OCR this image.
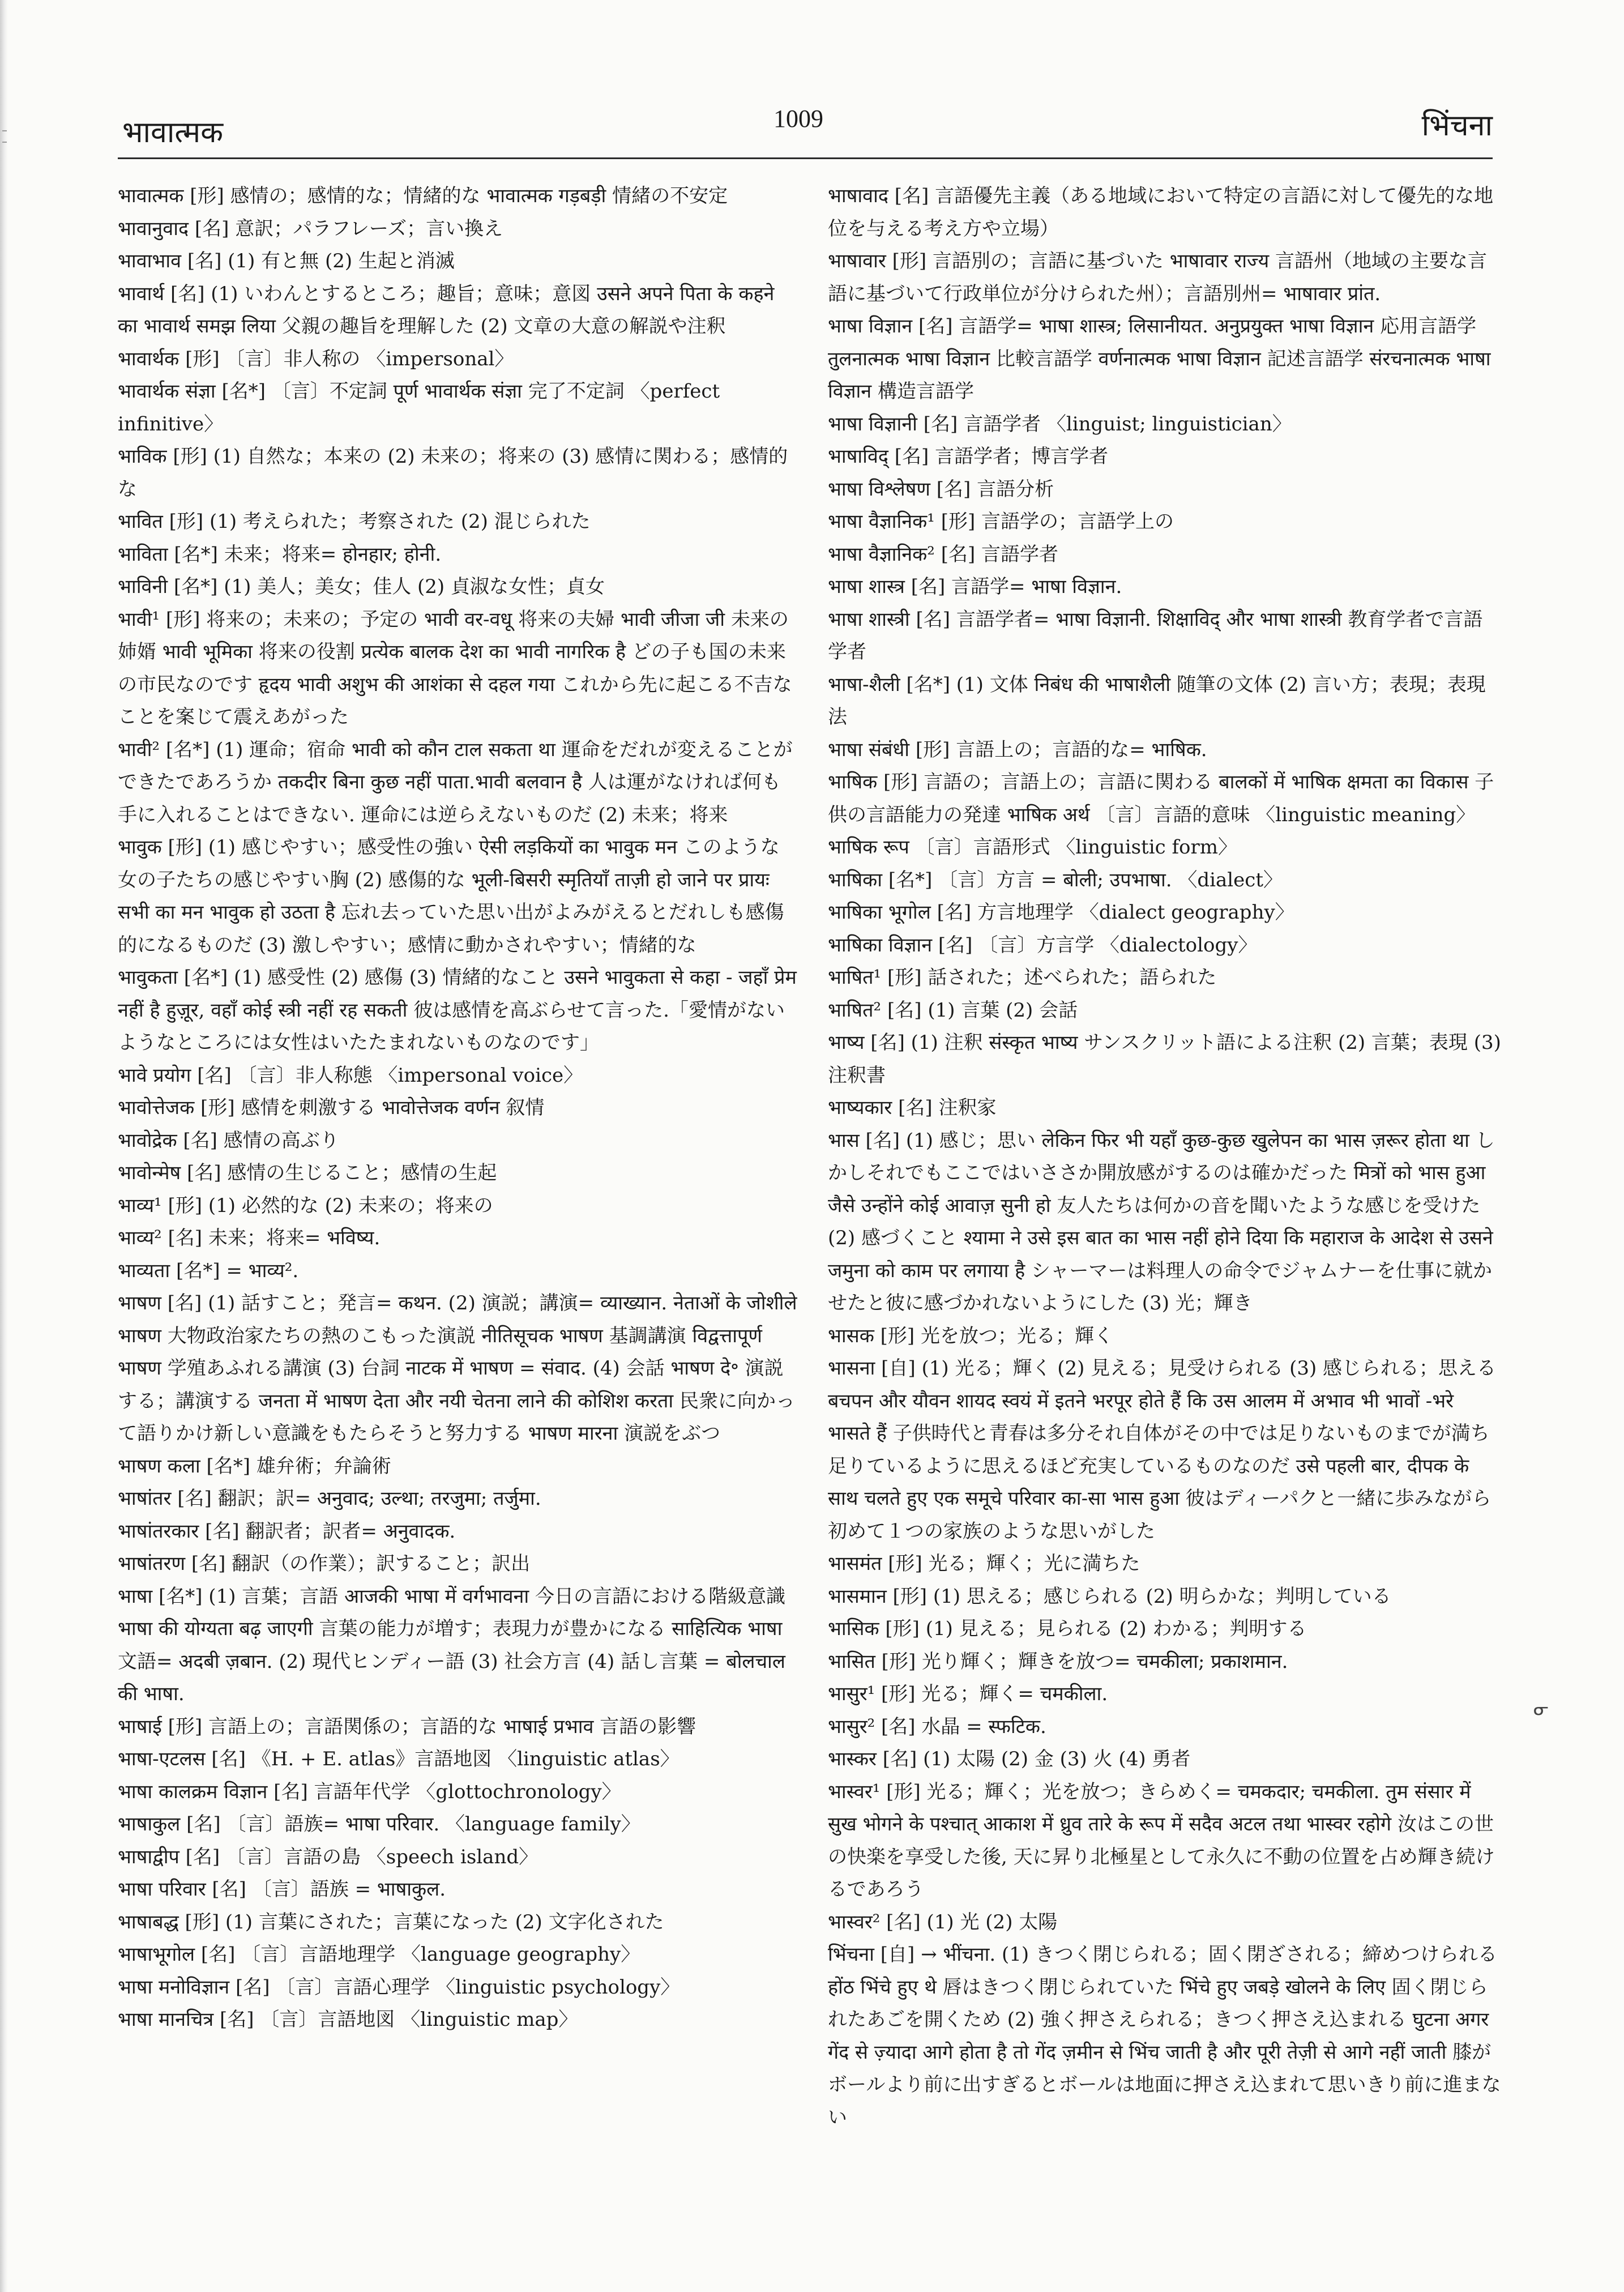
भावात्मक	1009	भिंचना

भावात्मक [形] 感情の；感情的な；情緒的な भावात्मक गड़बड़ी 情緒の不安定

भावानुवाद [名] 意訳；パラフレーズ；言い換え

भावाभाव [名] (1) 有と無 (2) 生起と消滅

भावार्थ [名] (1) いわんとするところ；趣旨；意味；意図 उसने अपने पिता के कहने का भावार्थ समझ लिया 父親の趣旨を理解した (2) 文章の大意の解説や注釈

भावार्थक [形] 〔言〕非人称の 〈impersonal〉

भावार्थक संज्ञा [名*] 〔言〕不定詞 पूर्ण भावार्थक संज्ञा 完了不定詞 〈perfect infinitive〉

भाविक [形] (1) 自然な；本来の (2) 未来の；将来の (3) 感情に関わる；感情的な

भावित [形] (1) 考えられた；考察された (2) 混じられた

भाविता [名*] 未来；将来= होनहार; होनी.

भाविनी [名*] (1) 美人；美女；佳人 (2) 貞淑な女性；貞女

भावी¹ [形] 将来の；未来の；予定の भावी वर-वधू 将来の夫婦 भावी जीजा जी 未来の姉婿 भावी भूमिका 将来の役割 प्रत्येक बालक देश का भावी नागरिक है どの子も国の未来の市民なのです हृदय भावी अशुभ की आशंका से दहल गया これから先に起こる不吉なことを案じて震えあがった

भावी² [名*] (1) 運命；宿命 भावी को कौन टाल सकता था 運命をだれが変えることができたであろうか तकदीर बिना कुछ नहीं पाता.भावी बलवान है 人は運がなければ何も手に入れることはできない. 運命には逆らえないものだ (2) 未来；将来

भावुक [形] (1) 感じやすい；感受性の強い ऐसी लड़कियों का भावुक मन このような女の子たちの感じやすい胸 (2) 感傷的な भूली-बिसरी स्मृतियाँ ताज़ी हो जाने पर प्रायः सभी का मन भावुक हो उठता है 忘れ去っていた思い出がよみがえるとだれしも感傷的になるものだ (3) 激しやすい；感情に動かされやすい；情緒的な

भावुकता [名*] (1) 感受性 (2) 感傷 (3) 情緒的なこと उसने भावुकता से कहा - जहाँ प्रेम नहीं है हुज़ूर, वहाँ कोई स्त्री नहीं रह सकती 彼は感情を高ぶらせて言った.「愛情がないようなところには女性はいたたまれないものなのです」

भावे प्रयोग [名] 〔言〕非人称態 〈impersonal voice〉

भावोत्तेजक [形] 感情を刺激する भावोत्तेजक वर्णन 叙情

भावोद्रेक [名] 感情の高ぶり

भावोन्मेष [名] 感情の生じること；感情の生起

भाव्य¹ [形] (1) 必然的な (2) 未来の；将来の

भाव्य² [名] 未来；将来= भविष्य.

भाव्यता [名*] = भाव्य².

भाषण [名] (1) 話すこと；発言= कथन. (2) 演説；講演= व्याख्यान. नेताओं के जोशीले भाषण 大物政治家たちの熱のこもった演説 नीतिसूचक भाषण 基調講演 विद्वत्तापूर्ण भाषण 学殖あふれる講演 (3) 台詞 नाटक में भाषण = संवाद. (4) 会話 भाषण दे॰ 演説する；講演する जनता में भाषण देता और नयी चेतना लाने की कोशिश करता 民衆に向かって語りかけ新しい意識をもたらそうと努力する भाषण मारना 演説をぶつ

भाषण कला [名*] 雄弁術；弁論術

भाषांतर [名] 翻訳；訳= अनुवाद; उल्था; तरजुमा; तर्जुमा.

भाषांतरकार [名] 翻訳者；訳者= अनुवादक.

भाषांतरण [名] 翻訳（の作業）；訳すること；訳出

भाषा [名*] (1) 言葉；言語 आजकी भाषा में वर्गभावना 今日の言語における階級意識 भाषा की योग्यता बढ़ जाएगी 言葉の能力が増す；表現力が豊かになる साहित्यिक भाषा 文語= अदबी ज़बान. (2) 現代ヒンディー語 (3) 社会方言 (4) 話し言葉 = बोलचाल की भाषा.

भाषाई [形] 言語上の；言語関係の；言語的な भाषाई प्रभाव 言語の影響

भाषा-एटलस [名] 《H. + E. atlas》言語地図 〈linguistic atlas〉

भाषा कालक्रम विज्ञान [名] 言語年代学 〈glottochronology〉

भाषाकुल [名] 〔言〕語族= भाषा परिवार. 〈language family〉

भाषाद्वीप [名] 〔言〕言語の島 〈speech island〉

भाषा परिवार [名] 〔言〕語族 = भाषाकुल.

भाषाबद्ध [形] (1) 言葉にされた；言葉になった (2) 文字化された

भाषाभूगोल [名] 〔言〕言語地理学 〈language geography〉

भाषा मनोविज्ञान [名] 〔言〕言語心理学 〈linguistic psychology〉

भाषा मानचित्र [名] 〔言〕言語地図 〈linguistic map〉

भाषावाद [名] 言語優先主義（ある地域において特定の言語に対して優先的な地位を与える考え方や立場）

भाषावार [形] 言語別の；言語に基づいた भाषावार राज्य 言語州（地域の主要な言語に基づいて行政単位が分けられた州）；言語別州= भाषावार प्रांत.

भाषा विज्ञान [名] 言語学= भाषा शास्त्र; लिसानीयत. अनुप्रयुक्त भाषा विज्ञान 応用言語学 तुलनात्मक भाषा विज्ञान 比較言語学 वर्णनात्मक भाषा विज्ञान 記述言語学 संरचनात्मक भाषा विज्ञान 構造言語学

भाषा विज्ञानी [名] 言語学者 〈linguist; linguistician〉

भाषाविद् [名] 言語学者；博言学者

भाषा विश्लेषण [名] 言語分析

भाषा वैज्ञानिक¹ [形] 言語学の；言語学上の

भाषा वैज्ञानिक² [名] 言語学者

भाषा शास्त्र [名] 言語学= भाषा विज्ञान.

भाषा शास्त्री [名] 言語学者= भाषा विज्ञानी. शिक्षाविद् और भाषा शास्त्री 教育学者で言語学者

भाषा-शैली [名*] (1) 文体 निबंध की भाषाशैली 随筆の文体 (2) 言い方；表現；表現法

भाषा संबंधी [形] 言語上の；言語的な= भाषिक.

भाषिक [形] 言語の；言語上の；言語に関わる बालकों में भाषिक क्षमता का विकास 子供の言語能力の発達 भाषिक अर्थ 〔言〕言語的意味 〈linguistic meaning〉 भाषिक रूप 〔言〕言語形式 〈linguistic form〉

भाषिका [名*] 〔言〕方言 = बोली; उपभाषा. 〈dialect〉

भाषिका भूगोल [名] 方言地理学 〈dialect geography〉

भाषिका विज्ञान [名] 〔言〕方言学 〈dialectology〉

भाषित¹ [形] 話された；述べられた；語られた

भाषित² [名] (1) 言葉 (2) 会話

भाष्य [名] (1) 注釈 संस्कृत भाष्य サンスクリット語による注釈 (2) 言葉；表現 (3) 注釈書

भाष्यकार [名] 注釈家

भास [名] (1) 感じ；思い लेकिन फिर भी यहाँ कुछ-कुछ खुलेपन का भास ज़रूर होता था しかしそれでもここではいささか開放感がするのは確かだった मित्रों को भास हुआ जैसे उन्होंने कोई आवाज़ सुनी हो 友人たちは何かの音を聞いたような感じを受けた (2) 感づくこと श्यामा ने उसे इस बात का भास नहीं होने दिया कि महाराज के आदेश से उसने जमुना को काम पर लगाया है シャーマーは料理人の命令でジャムナーを仕事に就かせたと彼に感づかれないようにした (3) 光；輝き

भासक [形] 光を放つ；光る；輝く

भासना [自] (1) 光る；輝く (2) 見える；見受けられる (3) 感じられる；思える बचपन और यौवन शायद स्वयं में इतने भरपूर होते हैं कि उस आलम में अभाव भी भावों -भरे भासते हैं 子供時代と青春は多分それ自体がその中では足りないものまでが満ち足りているように思えるほど充実しているものなのだ उसे पहली बार, दीपक के साथ चलते हुए एक समूचे परिवार का-सा भास हुआ 彼はディーパクと一緒に歩みながら初めて１つの家族のような思いがした

भासमंत [形] 光る；輝く；光に満ちた

भासमान [形] (1) 思える；感じられる (2) 明らかな；判明している

भासिक [形] (1) 見える；見られる (2) わかる；判明する

भासित [形] 光り輝く；輝きを放つ= चमकीला; प्रकाशमान.

भासुर¹ [形] 光る；輝く= चमकीला.

भासुर² [名] 水晶 = स्फटिक.

भास्कर [名] (1) 太陽 (2) 金 (3) 火 (4) 勇者

भास्वर¹ [形] 光る；輝く；光を放つ；きらめく= चमकदार; चमकीला. तुम संसार में सुख भोगने के पश्चात् आकाश में ध्रुव तारे के रूप में सदैव अटल तथा भास्वर रहोगे 汝はこの世の快楽を享受した後, 天に昇り北極星として永久に不動の位置を占め輝き続けるであろう

भास्वर² [名] (1) 光 (2) 太陽

भिंचना [自] → भींचना. (1) きつく閉じられる；固く閉ざされる；締めつけられる होंठ भिंचे हुए थे 唇はきつく閉じられていた भिंचे हुए जबड़े खोलने के लिए 固く閉じられたあごを開くため (2) 強く押さえられる；きつく押さえ込まれる घुटना अगर गेंद से ज़्यादा आगे होता है तो गेंद ज़मीन से भिंच जाती है और पूरी तेज़ी से आगे नहीं जाती 膝がボールより前に出すぎるとボールは地面に押さえ込まれて思いきり前に進まない

ᓂ
